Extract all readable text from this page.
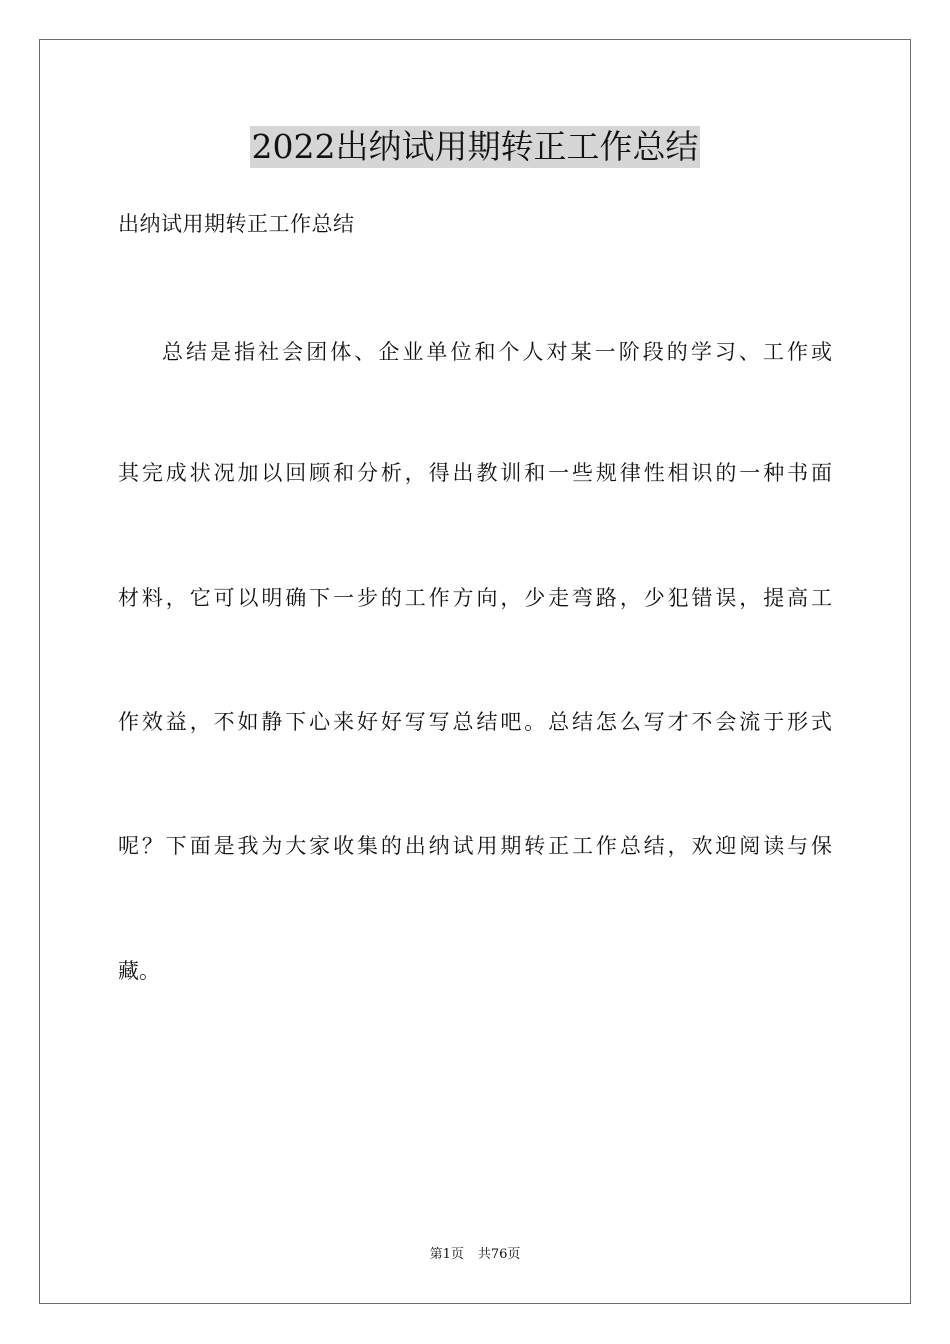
2022出纳试用期转正工作总结
出纳试用期转正工作总结
总结是指社会团体、企业单位和个人对某一阶段的学习、工作或
其完成状况加以回顾和分析，得出教训和一些规律性相识的一种书面
材料，它可以明确下一步的工作方向，少走弯路，少犯错误，提高工
作效益，不如静下心来好好写写总结吧。总结怎么写才不会流于形式
呢？下面是我为大家收集的出纳试用期转正工作总结，欢迎阅读与保
藏。
第1页 共76页
